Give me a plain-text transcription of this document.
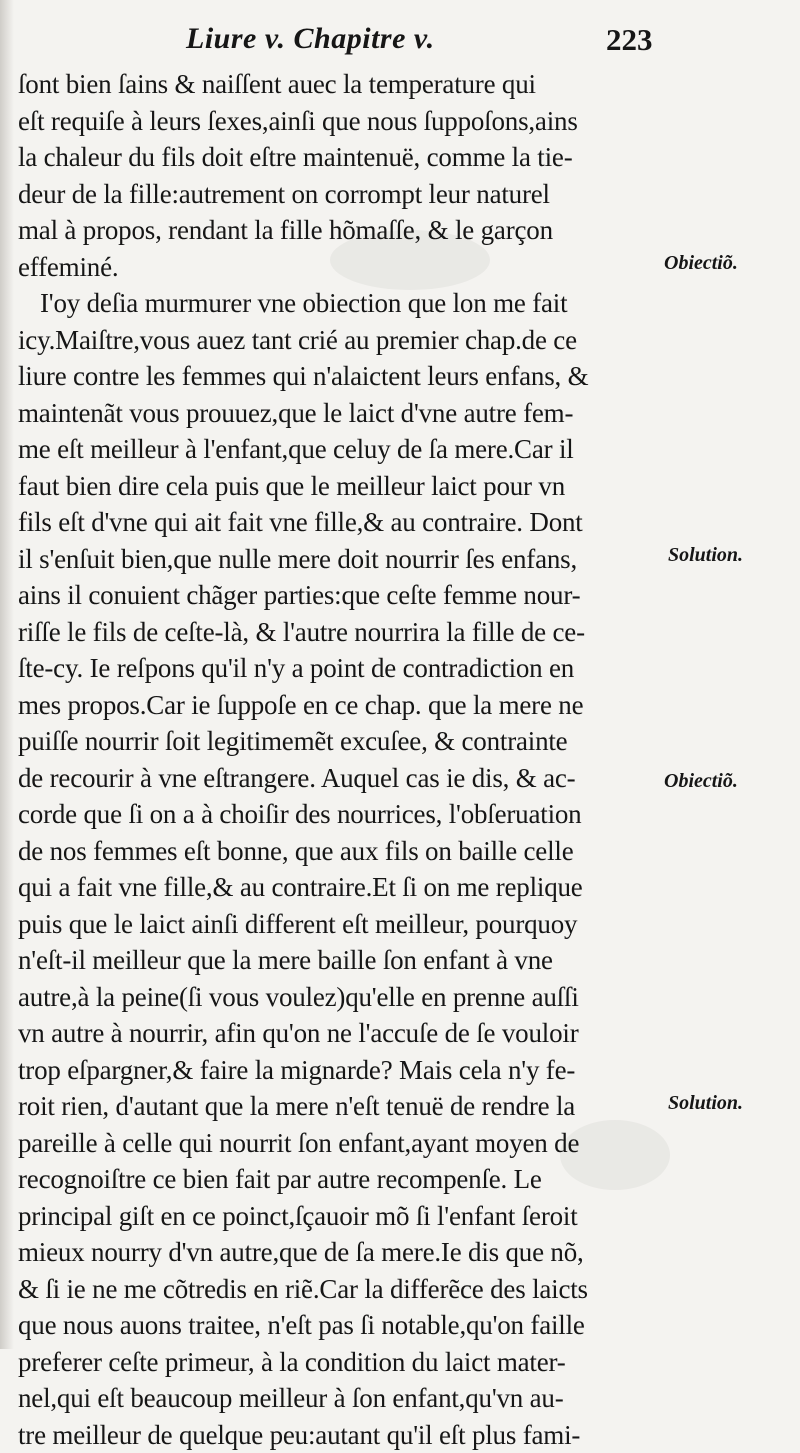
Liure v. Chapitre v.	223
ſont bien ſains & naiſſent auec la temperature qui
eſt requiſe à leurs ſexes,ainſi que nous ſuppoſons,ains
la chaleur du fils doit eſtre maintenuë, comme la tie-
deur de la fille:autrement on corrompt leur naturel
mal à propos, rendant la fille hõmaſſe, & le garçon
effeminé.
I'oy deſia murmurer vne obiection que lon me fait
icy.Maiſtre,vous auez tant crié au premier chap.de ce
liure contre les femmes qui n'alaictent leurs enfans, &
maintenãt vous prouuez,que le laict d'vne autre fem-
me eſt meilleur à l'enfant,que celuy de ſa mere.Car il
faut bien dire cela puis que le meilleur laict pour vn
fils eſt d'vne qui ait fait vne fille,& au contraire. Dont
il s'enſuit bien,que nulle mere doit nourrir ſes enfans,
ains il conuient chãger parties:que ceſte femme nour-
riſſe le fils de ceſte-là, & l'autre nourrira la fille de ce-
ſte-cy. Ie reſpons qu'il n'y a point de contradiction en
mes propos.Car ie ſuppoſe en ce chap. que la mere ne
puiſſe nourrir ſoit legitimemẽt excuſee, & contrainte
de recourir à vne eſtrangere. Auquel cas ie dis, & ac-
corde que ſi on a à choiſir des nourrices, l'obſeruation
de nos femmes eſt bonne, que aux fils on baille celle
qui a fait vne fille,& au contraire.Et ſi on me replique
puis que le laict ainſi different eſt meilleur, pourquoy
n'eſt-il meilleur que la mere baille ſon enfant à vne
autre,à la peine(ſi vous voulez)qu'elle en prenne auſſi
vn autre à nourrir, afin qu'on ne l'accuſe de ſe vouloir
trop eſpargner,& faire la mignarde? Mais cela n'y fe-
roit rien, d'autant que la mere n'eſt tenuë de rendre la
pareille à celle qui nourrit ſon enfant,ayant moyen de
recognoiſtre ce bien fait par autre recompenſe. Le
principal giſt en ce poinct,ſçauoir mõ ſi l'enfant ſeroit
mieux nourry d'vn autre,que de ſa mere.Ie dis que nõ,
& ſi ie ne me cõtredis en riẽ.Car la differẽce des laicts
que nous auons traitee, n'eſt pas ſi notable,qu'on faille
preferer ceſte primeur, à la condition du laict mater-
nel,qui eſt beaucoup meilleur à ſon enfant,qu'vn au-
tre meilleur de quelque peu:autant qu'il eſt plus fami-
Obiectiõ.
Solution.
Obiectiõ.
Solution.
